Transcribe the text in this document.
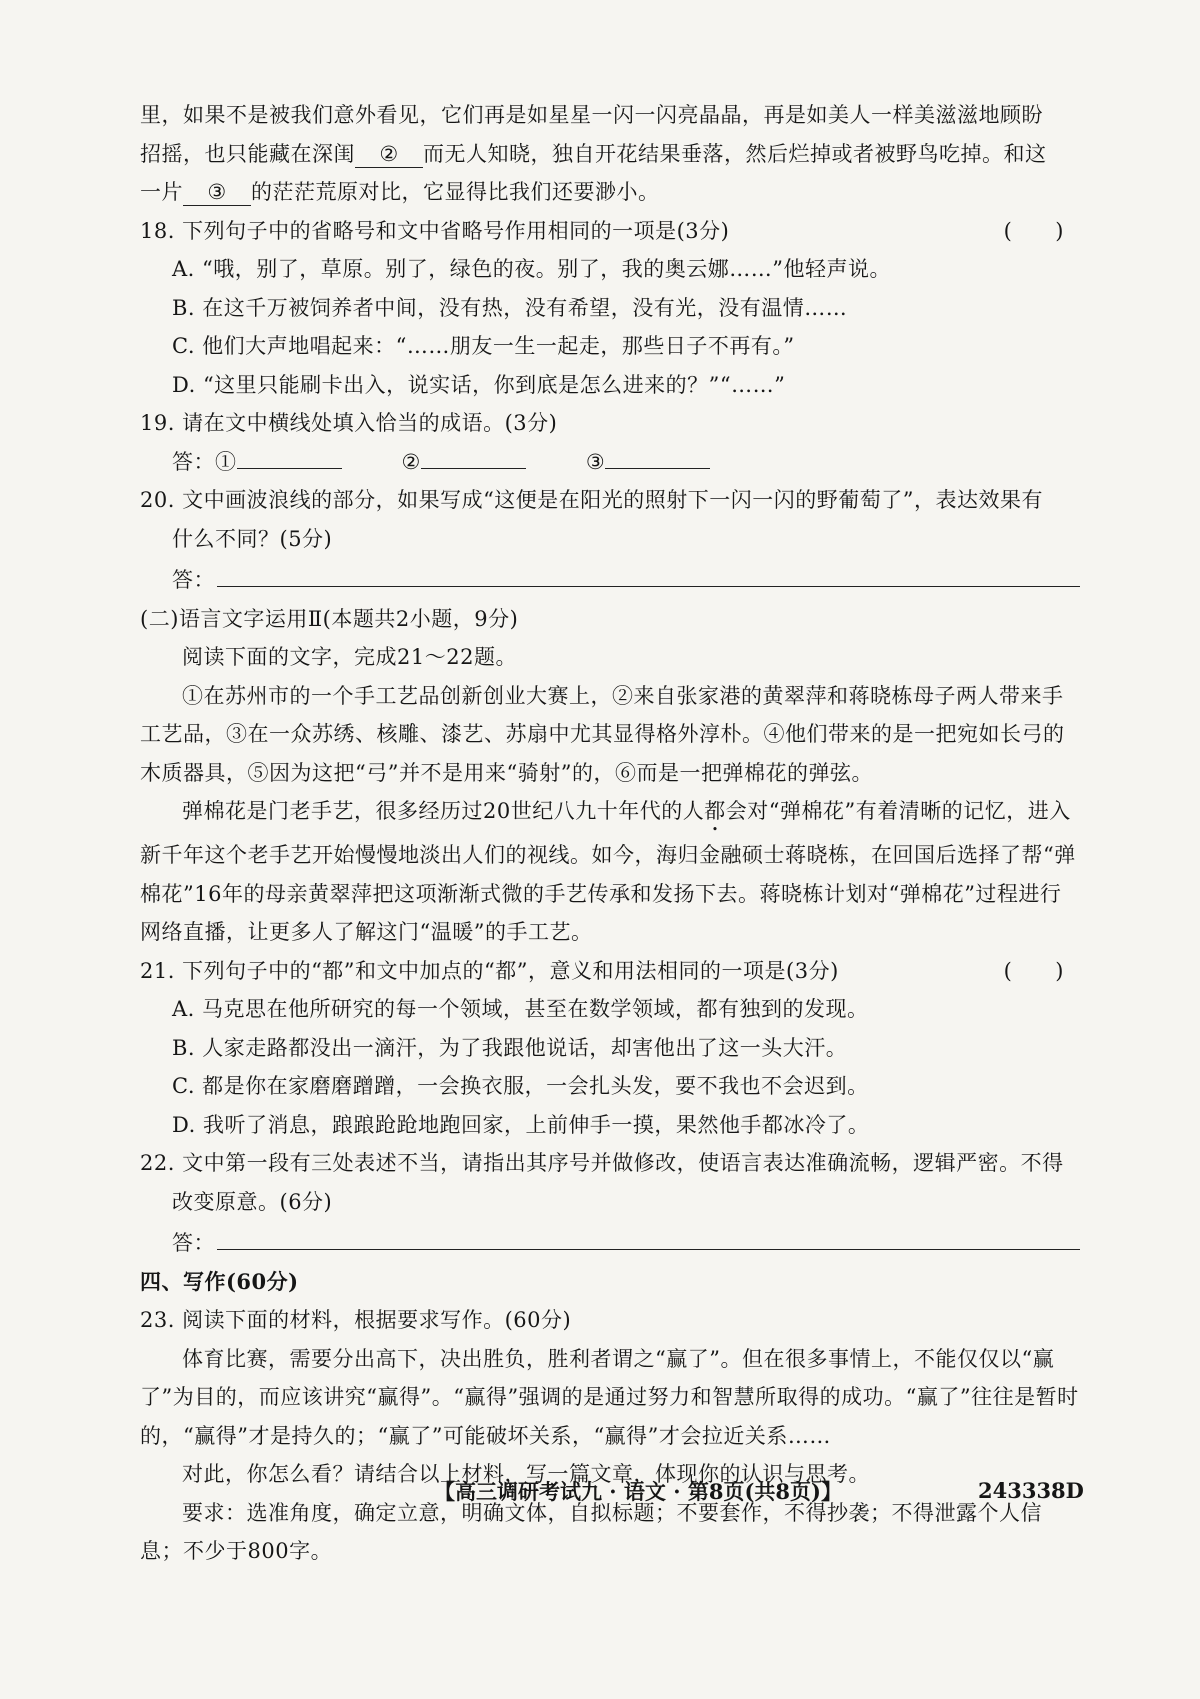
里，如果不是被我们意外看见，它们再是如星星一闪一闪亮晶晶，再是如美人一样美滋滋地顾盼

招摇，也只能藏在深闺 ② 而无人知晓，独自开花结果垂落，然后烂掉或者被野鸟吃掉。和这

一片 ③ 的茫茫荒原对比，它显得比我们还要渺小。

18. 下列句子中的省略号和文中省略号作用相同的一项是(3分)	(      )

A. “哦，别了，草原。别了，绿色的夜。别了，我的奥云娜……”他轻声说。

B. 在这千万被饲养者中间，没有热，没有希望，没有光，没有温情……

C. 他们大声地唱起来：“……朋友一生一起走，那些日子不再有。”

D. “这里只能刷卡出入，说实话，你到底是怎么进来的？”“……”

19. 请在文中横线处填入恰当的成语。(3分)

答：①	②	③

20. 文中画波浪线的部分，如果写成“这便是在阳光的照射下一闪一闪的野葡萄了”，表达效果有

什么不同？(5分)

答：

(二)语言文字运用Ⅱ(本题共2小题，9分)

阅读下面的文字，完成21～22题。

①在苏州市的一个手工艺品创新创业大赛上，②来自张家港的黄翠萍和蒋晓栋母子两人带来手工艺品，③在一众苏绣、核雕、漆艺、苏扇中尤其显得格外淳朴。④他们带来的是一把宛如长弓的木质器具，⑤因为这把“弓”并不是用来“骑射”的，⑥而是一把弹棉花的弹弦。

弹棉花是门老手艺，很多经历过20世纪八九十年代的人都会对“弹棉花”有着清晰的记忆，进入新千年这个老手艺开始慢慢地淡出人们的视线。如今，海归金融硕士蒋晓栋，在回国后选择了帮“弹棉花”16年的母亲黄翠萍把这项渐渐式微的手艺传承和发扬下去。蒋晓栋计划对“弹棉花”过程进行网络直播，让更多人了解这门“温暖”的手工艺。

21. 下列句子中的“都”和文中加点的“都”，意义和用法相同的一项是(3分)	(      )

A. 马克思在他所研究的每一个领域，甚至在数学领域，都有独到的发现。

B. 人家走路都没出一滴汗，为了我跟他说话，却害他出了这一头大汗。

C. 都是你在家磨磨蹭蹭，一会换衣服，一会扎头发，要不我也不会迟到。

D. 我听了消息，踉踉跄跄地跑回家，上前伸手一摸，果然他手都冰冷了。

22. 文中第一段有三处表述不当，请指出其序号并做修改，使语言表达准确流畅，逻辑严密。不得改变原意。(6分)

答：

四、写作(60分)

23. 阅读下面的材料，根据要求写作。(60分)

体育比赛，需要分出高下，决出胜负，胜利者谓之“赢了”。但在很多事情上，不能仅仅以“赢了”为目的，而应该讲究“赢得”。“赢得”强调的是通过努力和智慧所取得的成功。“赢了”往往是暂时的，“赢得”才是持久的；“赢了”可能破坏关系，“赢得”才会拉近关系……

对此，你怎么看？请结合以上材料，写一篇文章，体现你的认识与思考。

要求：选准角度，确定立意，明确文体，自拟标题；不要套作，不得抄袭；不得泄露个人信息；不少于800字。

【高三调研考试九 · 语文 · 第8页(共8页)】	243338D
